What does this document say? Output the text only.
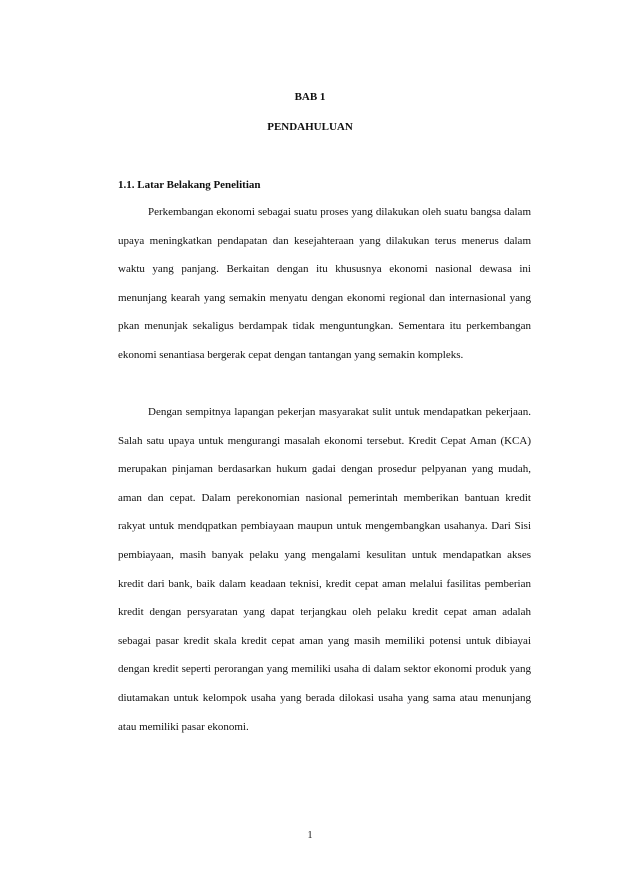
BAB 1
PENDAHULUAN
1.1. Latar Belakang Penelitian

Perkembangan ekonomi sebagai suatu proses yang dilakukan oleh suatu bangsa dalam upaya meningkatkan pendapatan dan kesejahteraan yang dilakukan terus menerus dalam waktu yang panjang. Berkaitan dengan itu khususnya ekonomi nasional dewasa ini menunjang kearah yang semakin menyatu dengan ekonomi regional dan internasional yang pkan menunjak sekaligus berdampak tidak menguntungkan. Sementara itu perkembangan ekonomi senantiasa bergerak cepat dengan tantangan yang semakin kompleks.

Dengan sempitnya lapangan pekerjan masyarakat sulit untuk mendapatkan pekerjaan. Salah satu upaya untuk mengurangi masalah ekonomi tersebut. Kredit Cepat Aman (KCA) merupakan pinjaman berdasarkan hukum gadai dengan prosedur pelpyanan yang mudah, aman dan cepat. Dalam perekonomian nasional pemerintah memberikan bantuan kredit rakyat untuk mendqpatkan pembiayaan maupun untuk mengembangkan usahanya. Dari Sisi pembiayaan, masih banyak pelaku yang mengalami kesulitan untuk mendapatkan akses kredit dari bank, baik dalam keadaan teknisi, kredit cepat aman melalui fasilitas pemberian kredit dengan persyaratan yang dapat terjangkau oleh pelaku kredit cepat aman adalah sebagai pasar kredit skala kredit cepat aman yang masih memiliki potensi untuk dibiayai dengan kredit seperti perorangan yang memiliki usaha di dalam sektor ekonomi produk yang diutamakan untuk kelompok usaha yang berada dilokasi usaha yang sama atau menunjang atau memiliki pasar ekonomi.

1
